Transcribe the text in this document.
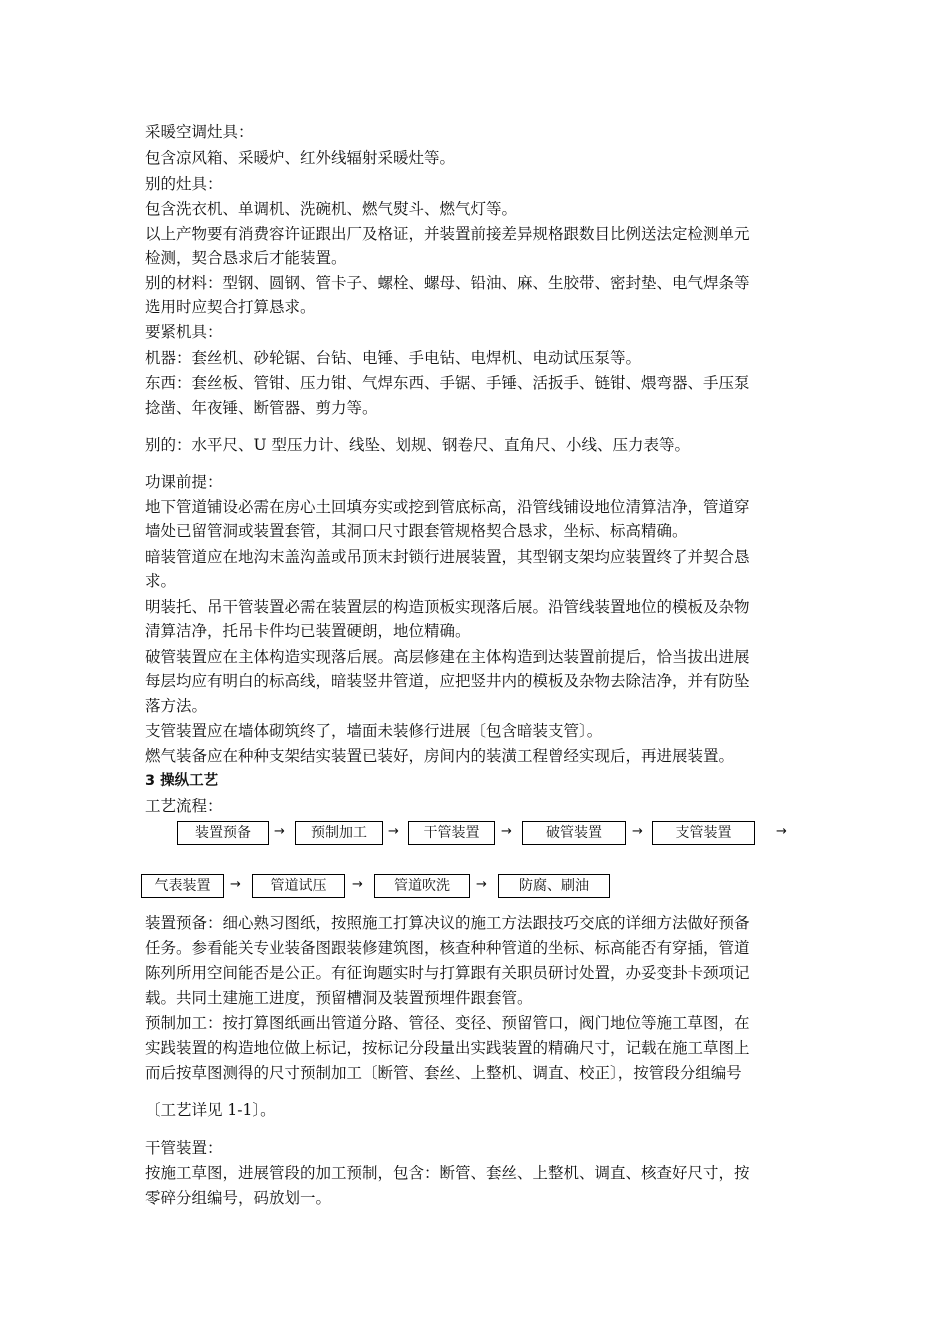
采暖空调灶具：
包含凉风箱、采暖炉、红外线辐射采暖灶等。
别的灶具：
包含洗衣机、单调机、洗碗机、燃气熨斗、燃气灯等。
以上产物要有消费容许证跟出厂及格证，并装置前接差异规格跟数目比例送法定检测单元
检测，契合恳求后才能装置。
别的材料：型钢、圆钢、管卡子、螺栓、螺母、铅油、麻、生胶带、密封垫、电气焊条等
选用时应契合打算恳求。
要紧机具：
机器：套丝机、砂轮锯、台钻、电锤、手电钻、电焊机、电动试压泵等。
东西：套丝板、管钳、压力钳、气焊东西、手锯、手锤、活扳手、链钳、煨弯器、手压泵
捻凿、年夜锤、断管器、剪力等。
别的：水平尺、U 型压力计、线坠、划规、钢卷尺、直角尺、小线、压力表等。
功课前提：
地下管道铺设必需在房心土回填夯实或挖到管底标高，沿管线铺设地位清算洁净，管道穿
墙处已留管洞或装置套管，其洞口尺寸跟套管规格契合恳求，坐标、标高精确。
暗装管道应在地沟末盖沟盖或吊顶末封锁行进展装置，其型钢支架均应装置终了并契合恳
求。
明装托、吊干管装置必需在装置层的构造顶板实现落后展。沿管线装置地位的模板及杂物
清算洁净，托吊卡件均已装置硬朗，地位精确。
破管装置应在主体构造实现落后展。高层修建在主体构造到达装置前提后，恰当拔出进展
每层均应有明白的标高线，暗装竖井管道，应把竖井内的模板及杂物去除洁净，并有防坠
落方法。
支管装置应在墙体砌筑终了，墙面未装修行进展〔包含暗装支管〕。
燃气装备应在种种支架结实装置已装好，房间内的装潢工程曾经实现后，再进展装置。
3 操纵工艺
工艺流程：
装置预备	→	预制加工	→	干管装置	→	破管装置	→	支管装置	→
气表装置	→	管道试压	→	管道吹洗	→	防腐、刷油
装置预备：细心熟习图纸，按照施工打算决议的施工方法跟技巧交底的详细方法做好预备
任务。参看能关专业装备图跟装修建筑图，核查种种管道的坐标、标高能否有穿插，管道
陈列所用空间能否是公正。有征询题实时与打算跟有关职员研讨处置，办妥变卦卡颈项记
载。共同土建施工进度，预留槽洞及装置预埋件跟套管。
预制加工：按打算图纸画出管道分路、管径、变径、预留管口，阀门地位等施工草图，在
实践装置的构造地位做上标记，按标记分段量出实践装置的精确尺寸，记载在施工草图上
而后按草图测得的尺寸预制加工〔断管、套丝、上整机、调直、校正〕，按管段分组编号
〔工艺详见 1-1〕。
干管装置：
按施工草图，进展管段的加工预制，包含：断管、套丝、上整机、调直、核查好尺寸，按
零碎分组编号，码放划一。
